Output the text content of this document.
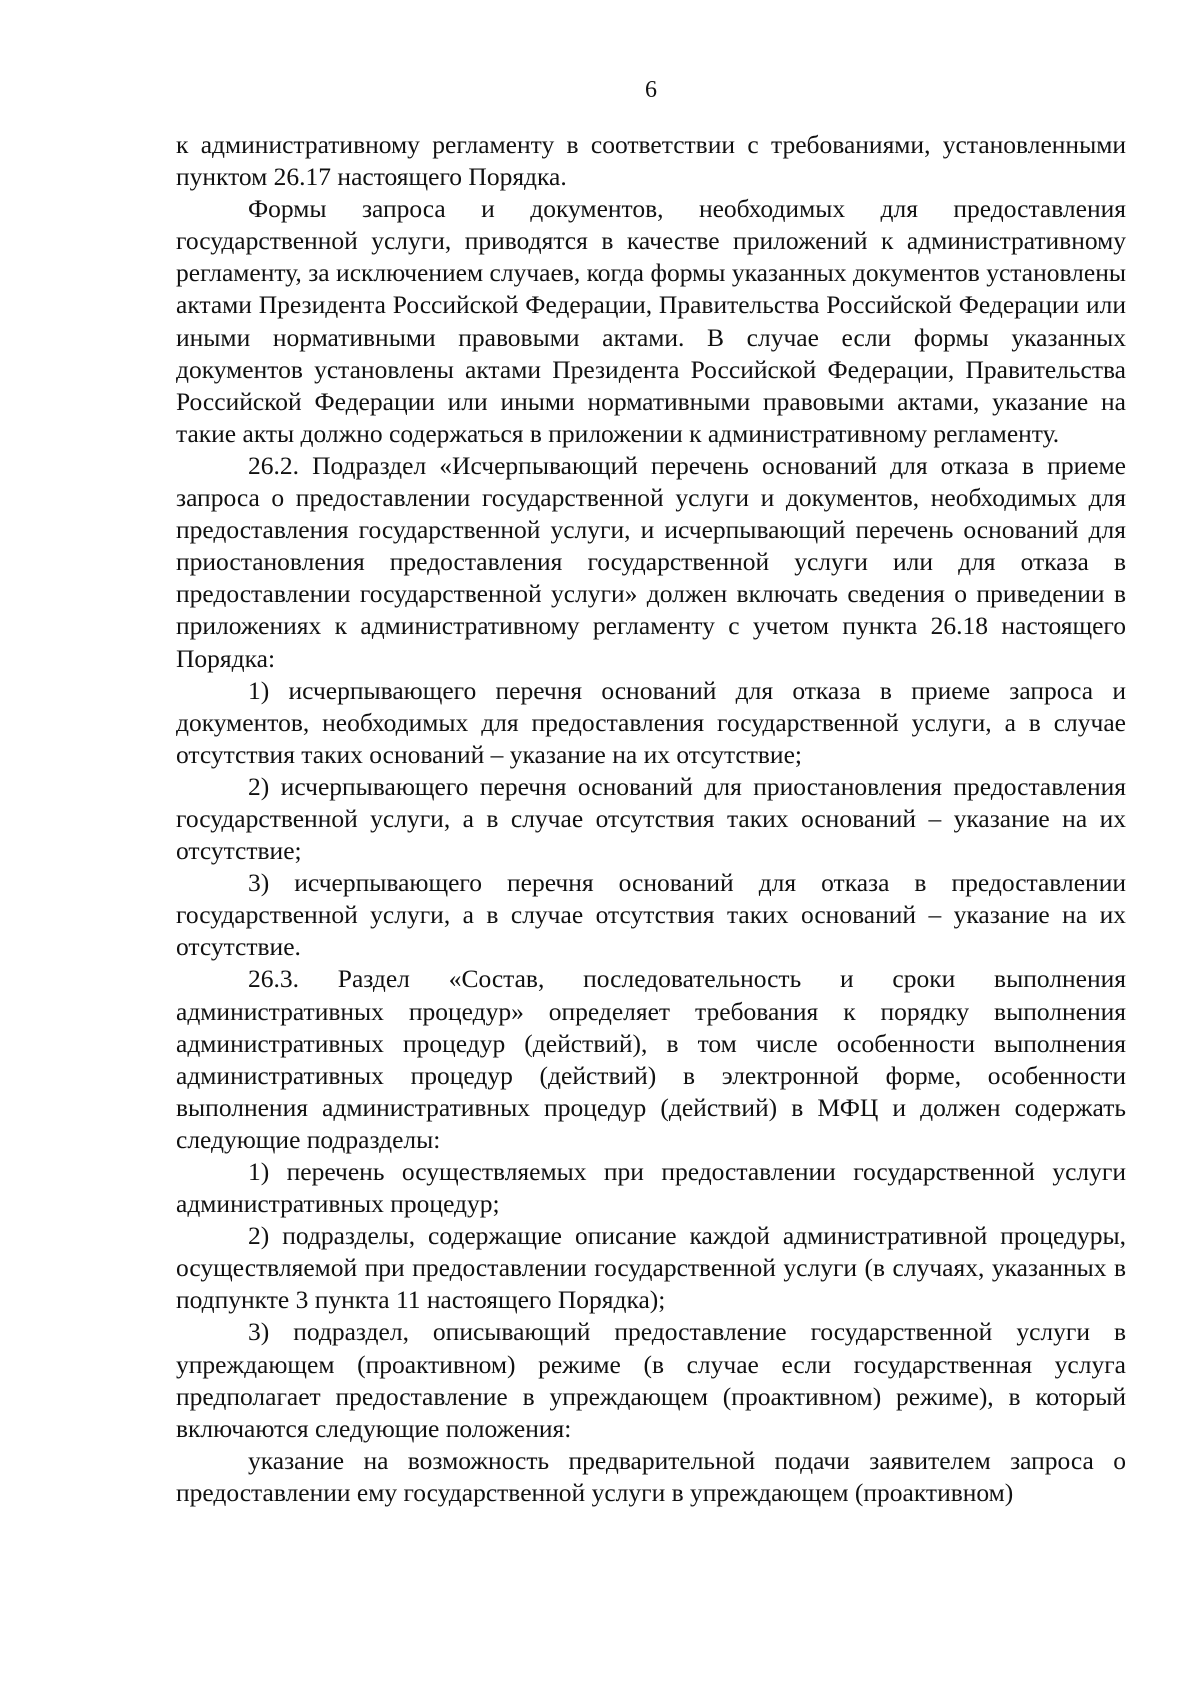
6

к административному регламенту в соответствии с требованиями, установленными пунктом 26.17 настоящего Порядка.

Формы запроса и документов, необходимых для предоставления государственной услуги, приводятся в качестве приложений к административному регламенту, за исключением случаев, когда формы указанных документов установлены актами Президента Российской Федерации, Правительства Российской Федерации или иными нормативными правовыми актами. В случае если формы указанных документов установлены актами Президента Российской Федерации, Правительства Российской Федерации или иными нормативными правовыми актами, указание на такие акты должно содержаться в приложении к административному регламенту.

26.2. Подраздел «Исчерпывающий перечень оснований для отказа в приеме запроса о предоставлении государственной услуги и документов, необходимых для предоставления государственной услуги, и исчерпывающий перечень оснований для приостановления предоставления государственной услуги или для отказа в предоставлении государственной услуги» должен включать сведения о приведении в приложениях к административному регламенту с учетом пункта 26.18 настоящего Порядка:

1) исчерпывающего перечня оснований для отказа в приеме запроса и документов, необходимых для предоставления государственной услуги, а в случае отсутствия таких оснований – указание на их отсутствие;

2) исчерпывающего перечня оснований для приостановления предоставления государственной услуги, а в случае отсутствия таких оснований – указание на их отсутствие;

3) исчерпывающего перечня оснований для отказа в предоставлении государственной услуги, а в случае отсутствия таких оснований – указание на их отсутствие.

26.3. Раздел «Состав, последовательность и сроки выполнения административных процедур» определяет требования к порядку выполнения административных процедур (действий), в том числе особенности выполнения административных процедур (действий) в электронной форме, особенности выполнения административных процедур (действий) в МФЦ и должен содержать следующие подразделы:

1) перечень осуществляемых при предоставлении государственной услуги административных процедур;

2) подразделы, содержащие описание каждой административной процедуры, осуществляемой при предоставлении государственной услуги (в случаях, указанных в подпункте 3 пункта 11 настоящего Порядка);

3) подраздел, описывающий предоставление государственной услуги в упреждающем (проактивном) режиме (в случае если государственная услуга предполагает предоставление в упреждающем (проактивном) режиме), в который включаются следующие положения:

указание на возможность предварительной подачи заявителем запроса о предоставлении ему государственной услуги в упреждающем (проактивном)
